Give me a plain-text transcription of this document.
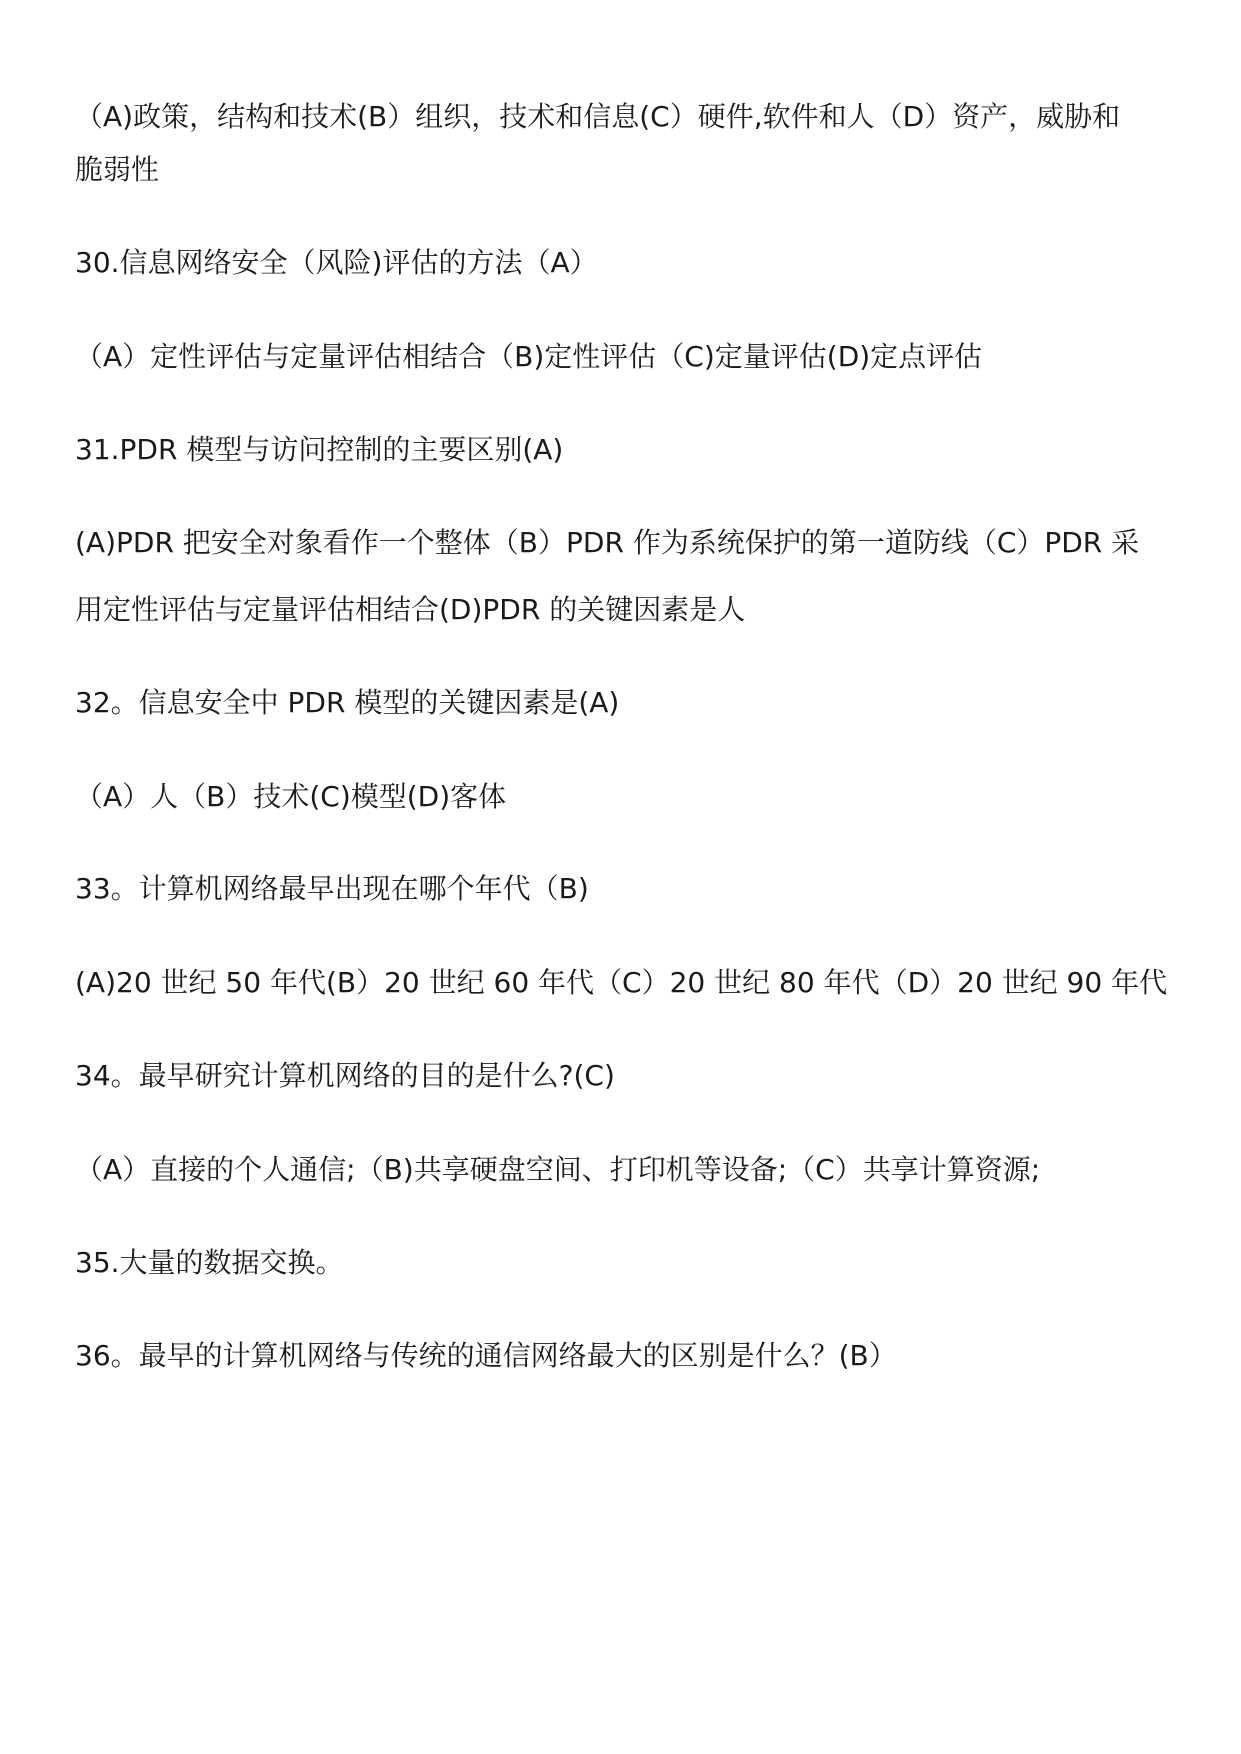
（A)政策，结构和技术(B）组织，技术和信息(C）硬件,软件和人（D）资产，威胁和

脆弱性

30.信息网络安全（风险)评估的方法（A）

（A）定性评估与定量评估相结合（B)定性评估（C)定量评估(D)定点评估

31.PDR 模型与访问控制的主要区别(A)

(A)PDR 把安全对象看作一个整体（B）PDR 作为系统保护的第一道防线（C）PDR 采

用定性评估与定量评估相结合(D)PDR 的关键因素是人

32。信息安全中 PDR 模型的关键因素是(A)

（A）人（B）技术(C)模型(D)客体

33。计算机网络最早出现在哪个年代（B)

(A)20 世纪 50 年代(B）20 世纪 60 年代（C）20 世纪 80 年代（D）20 世纪 90 年代

34。最早研究计算机网络的目的是什么?(C)

（A）直接的个人通信;（B)共享硬盘空间、打印机等设备;（C）共享计算资源;

35.大量的数据交换。

36。最早的计算机网络与传统的通信网络最大的区别是什么？(B）
